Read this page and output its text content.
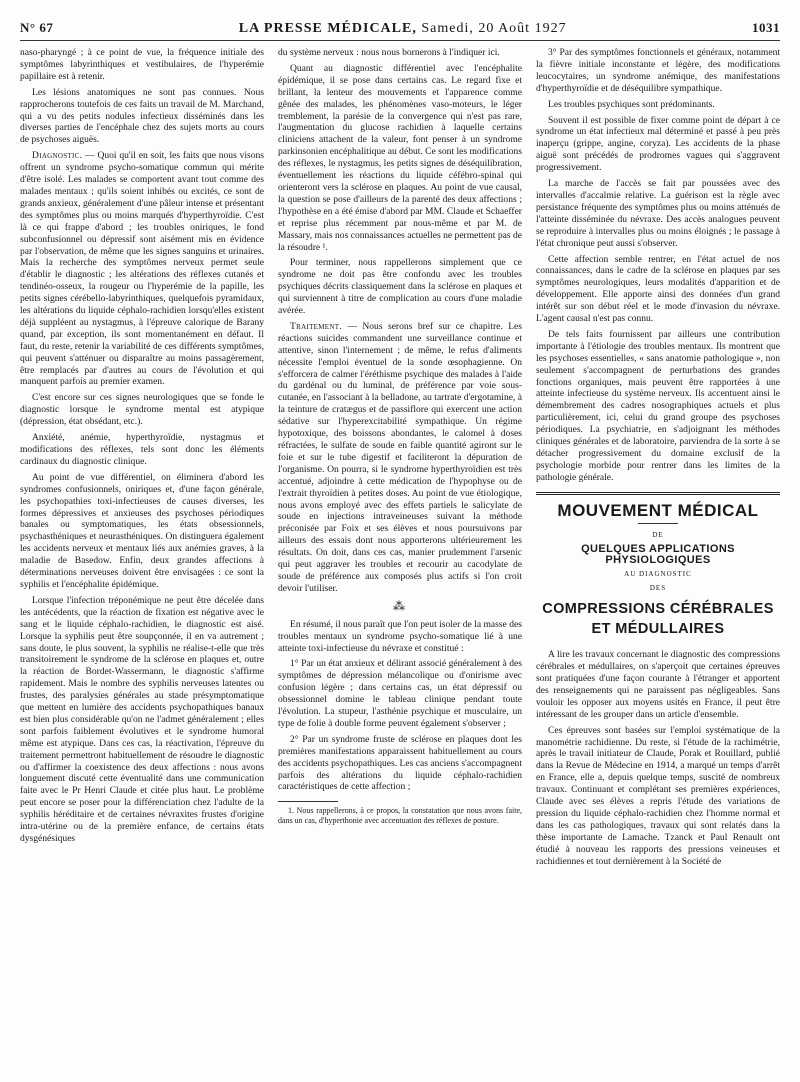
N° 67	LA PRESSE MÉDICALE, Samedi, 20 Août 1927	1031

naso-pharyngé ; à ce point de vue, la fréquence initiale des symptômes labyrinthiques et vestibulaires, de l'hyperémie papillaire est à retenir.

Les lésions anatomiques ne sont pas connues. Nous rapprocherons toutefois de ces faits un travail de M. Marchand, qui a vu des petits nodules infectieux disséminés dans les diverses parties de l'encéphale chez des sujets morts au cours de psychoses aiguës.

Diagnostic. — Quoi qu'il en soit, les faits que nous visons offrent un syndrome psycho-somatique commun qui mérite d'être isolé. Les malades se comportent avant tout comme des malades mentaux ; qu'ils soient inhibés ou excités, ce sont de grands anxieux, généralement d'une pâleur intense et présentant des symptômes plus ou moins marqués d'hyperthyroïdie. C'est là ce qui frappe d'abord ; les troubles oniriques, le fond subconfusionnel ou dépressif sont aisément mis en évidence par l'observation, de même que les signes sanguins et urinaires. Mais la recherche des symptômes nerveux permet seule d'établir le diagnostic ; les altérations des réflexes cutanés et tendinéo-osseux, la rougeur ou l'hyperémie de la papille, les petits signes cérébello-labyrinthiques, quelquefois pyramidaux, les altérations du liquide céphalo-rachidien lorsqu'elles existent déjà suppléent au nystagmus, à l'épreuve calorique de Barany quand, par exception, ils sont momentanément en défaut. Il faut, du reste, retenir la variabilité de ces différents symptômes, qui peuvent s'atténuer ou disparaître au moins passagèrement, être remplacés par d'autres au cours de l'évolution et qui manquent parfois au premier examen.

C'est encore sur ces signes neurologiques que se fonde le diagnostic lorsque le syndrome mental est atypique (dépression, état obsédant, etc.).

Anxiété, anémie, hyperthyroïdie, nystagmus et modifications des réflexes, tels sont donc les éléments cardinaux du diagnostic clinique.

Au point de vue différentiel, on éliminera d'abord les syndromes confusionnels, oniriques et, d'une façon générale, les psychopathies toxi-infectieuses de causes diverses, les formes dépressives et anxieuses des psychoses périodiques banales ou symptomatiques, les états obsessionnels, psychasthéniques et neurasthéniques. On distinguera également les accidents nerveux et mentaux liés aux anémies graves, à la maladie de Basedow. Enfin, deux grandes affections à déterminations nerveuses doivent être envisagées : ce sont la syphilis et l'encéphalite épidémique.

Lorsque l'infection tréponémique ne peut être décelée dans les antécédents, que la réaction de fixation est négative avec le sang et le liquide céphalo-rachidien, le diagnostic est aisé. Lorsque la syphilis peut être soupçonnée, il en va autrement ; sans doute, le plus souvent, la syphilis ne réalise-t-elle que très transitoirement le syndrome de la sclérose en plaques et, outre la réaction de Bordet-Wassermann, le diagnostic s'affirme rapidement. Mais le nombre des syphilis nerveuses latentes ou frustes, des paralysies générales au stade présymptomatique que mettent en lumière des accidents psychopathiques banaux est bien plus considérable qu'on ne l'admet généralement ; elles sont parfois faiblement évolutives et le syndrome humoral même est atypique. Dans ces cas, la réactivation, l'épreuve du traitement permettront habituellement de résoudre le diagnostic ou d'affirmer la coexistence des deux affections : nous avons longuement discuté cette éventualité dans une communication faite avec le Pr Henri Claude et citée plus haut. Le problème peut encore se poser pour la différenciation chez l'adulte de la syphilis héréditaire et de certaines névraxites frustes d'origine intra-utérine ou de la première enfance, de certains états dysgénésiques

du système nerveux : nous nous bornerons à l'indiquer ici.

Quant au diagnostic différentiel avec l'encéphalite épidémique, il se pose dans certains cas. Le regard fixe et brillant, la lenteur des mouvements et l'apparence comme gênée des malades, les phénomènes vaso-moteurs, le léger tremblement, la parésie de la convergence qui n'est pas rare, l'augmentation du glucose rachidien à laquelle certains cliniciens attachent de la valeur, font penser à un syndrome parkinsonien encéphalitique au début. Ce sont les modifications des réflexes, le nystagmus, les petits signes de déséquilibration, éventuellement les réactions du liquide céfébro-spinal qui orienteront vers la sclérose en plaques. Au point de vue causal, la question se pose d'ailleurs de la parenté des deux affections ; l'hypothèse en a été émise d'abord par MM. Claude et Schaeffer et reprise plus récemment par nous-même et par M. de Massary, mais nos connaissances actuelles ne permettent pas de la résoudre ¹.

Pour terminer, nous rappellerons simplement que ce syndrome ne doit pas être confondu avec les troubles psychiques décrits classiquement dans la sclérose en plaques et qui surviennent à titre de complication au cours d'une maladie avérée.

Traitement. — Nous serons bref sur ce chapitre. Les réactions suicides commandent une surveillance continue et attentive, sinon l'internement ; de même, le refus d'aliments nécessite l'emploi éventuel de la sonde œsophagienne. On s'efforcera de calmer l'éréthisme psychique des malades à l'aide du gardénal ou du luminal, de préférence par voie sous-cutanée, en l'associant à la belladone, au tartrate d'ergotamine, à la teinture de cratægus et de passiflore qui exercent une action sédative sur l'hyperexcitabilité sympathique. Un régime hypotoxique, des boissons abondantes, le calomel à doses réfractées, le sulfate de soude en faible quantité agiront sur le foie et sur le tube digestif et faciliteront la dépuration de l'organisme. On pourra, si le syndrome hyperthyroïdien est très accentué, adjoindre à cette médication de l'hypophyse ou de l'extrait thyroïdien à petites doses. Au point de vue étiologique, nous avons employé avec des effets partiels le salicylate de soude en injections intraveineuses suivant la méthode préconisée par Foix et ses élèves et nous poursuivons par ailleurs des essais dont nous apporterons ultérieurement les résultats. On doit, dans ces cas, manier prudemment l'arsenic qui peut aggraver les troubles et recourir au cacodylate de soude de préférence aux composés plus actifs si l'on croit devoir l'utiliser.

⁂

En résumé, il nous paraît que l'on peut isoler de la masse des troubles mentaux un syndrome psycho-somatique lié à une atteinte toxi-infectieuse du névraxe et constitué :

1° Par un état anxieux et délirant associé généralement à des symptômes de dépression mélancolique ou d'onirisme avec confusion légère ; dans certains cas, un état dépressif ou obsessionnel domine le tableau clinique pendant toute l'évolution. La stupeur, l'asthénie psychique et musculaire, un type de folie à double forme peuvent également s'observer ;

2° Par un syndrome fruste de sclérose en plaques dont les premières manifestations apparaissent habituellement au cours des accidents psychopathiques. Les cas anciens s'accompagnent parfois des altérations du liquide céphalo-rachidien caractéristiques de cette affection ;

1. Nous rappellerons, à ce propos, la constatation que nous avons faite, dans un cas, d'hyperthonie avec accentuation des réflexes de posture.

3° Par des symptômes fonctionnels et généraux, notamment la fièvre initiale inconstante et légère, des modifications leucocytaires, un syndrome anémique, des manifestations d'hyperthyroïdie et de déséquilibre sympathique.

Les troubles psychiques sont prédominants.

Souvent il est possible de fixer comme point de départ à ce syndrome un état infectieux mal déterminé et passé à peu près inaperçu (grippe, angine, coryza). Les accidents de la phase aiguë sont précédés de prodromes vagues qui s'aggravent progressivement.

La marche de l'accès se fait par poussées avec des intervalles d'accalmie relative. La guérison est la règle avec persistance fréquente des symptômes plus ou moins atténués de l'atteinte disséminée du névraxe. Des accès analogues peuvent se reproduire à intervalles plus ou moins éloignés ; le passage à l'état chronique peut aussi s'observer.

Cette affection semble rentrer, en l'état actuel de nos connaissances, dans le cadre de la sclérose en plaques par ses symptômes neurologiques, leurs modalités d'apparition et de développement. Elle apporte ainsi des données d'un grand intérêt sur son début réel et le mode d'invasion du névraxe. L'agent causal n'est pas connu.

De tels faits fournissent par ailleurs une contribution importante à l'étiologie des troubles mentaux. Ils montrent que les psychoses essentielles, « sans anatomie pathologique », non seulement s'accompagnent de perturbations des grandes fonctions organiques, mais peuvent être rapportées à une atteinte infectieuse du système nerveux. Ils accentuent ainsi le démembrement des cadres nosographiques actuels et plus particulièrement, ici, celui du grand groupe des psychoses périodiques. La psychiatrie, en s'adjoignant les méthodes cliniques générales et de laboratoire, parviendra de la sorte à se détacher progressivement du domaine exclusif de la psychologie morbide pour rentrer dans les limites de la pathologie générale.

MOUVEMENT MÉDICAL
DE
QUELQUES APPLICATIONS PHYSIOLOGIQUES
AU DIAGNOSTIC
DES
COMPRESSIONS CÉRÉBRALES
ET MÉDULLAIRES

A lire les travaux concernant le diagnostic des compressions cérébrales et médullaires, on s'aperçoit que certaines épreuves sont pratiquées d'une façon courante à l'étranger et apportent des renseignements qui ne paraissent pas négligeables. Sans vouloir les opposer aux moyens usités en France, il peut être intéressant de les grouper dans un article d'ensemble.

Ces épreuves sont basées sur l'emploi systématique de la manométrie rachidienne. Du reste, si l'étude de la rachimétrie, après le travail initiateur de Claude, Porak et Rouillard, publié dans la Revue de Médecine en 1914, a marqué un temps d'arrêt en France, elle a, depuis quelque temps, suscité de nombreux travaux. Continuant et complétant ses premières expériences, Claude avec ses élèves a repris l'étude des variations de pression du liquide céphalo-rachidien chez l'homme normal et dans les cas pathologiques, travaux qui sont relatés dans la thèse importante de Lamache. Tzanck et Paul Renault ont étudié à nouveau les rapports des pressions veineuses et rachidiennes et tout dernièrement à la Société de
